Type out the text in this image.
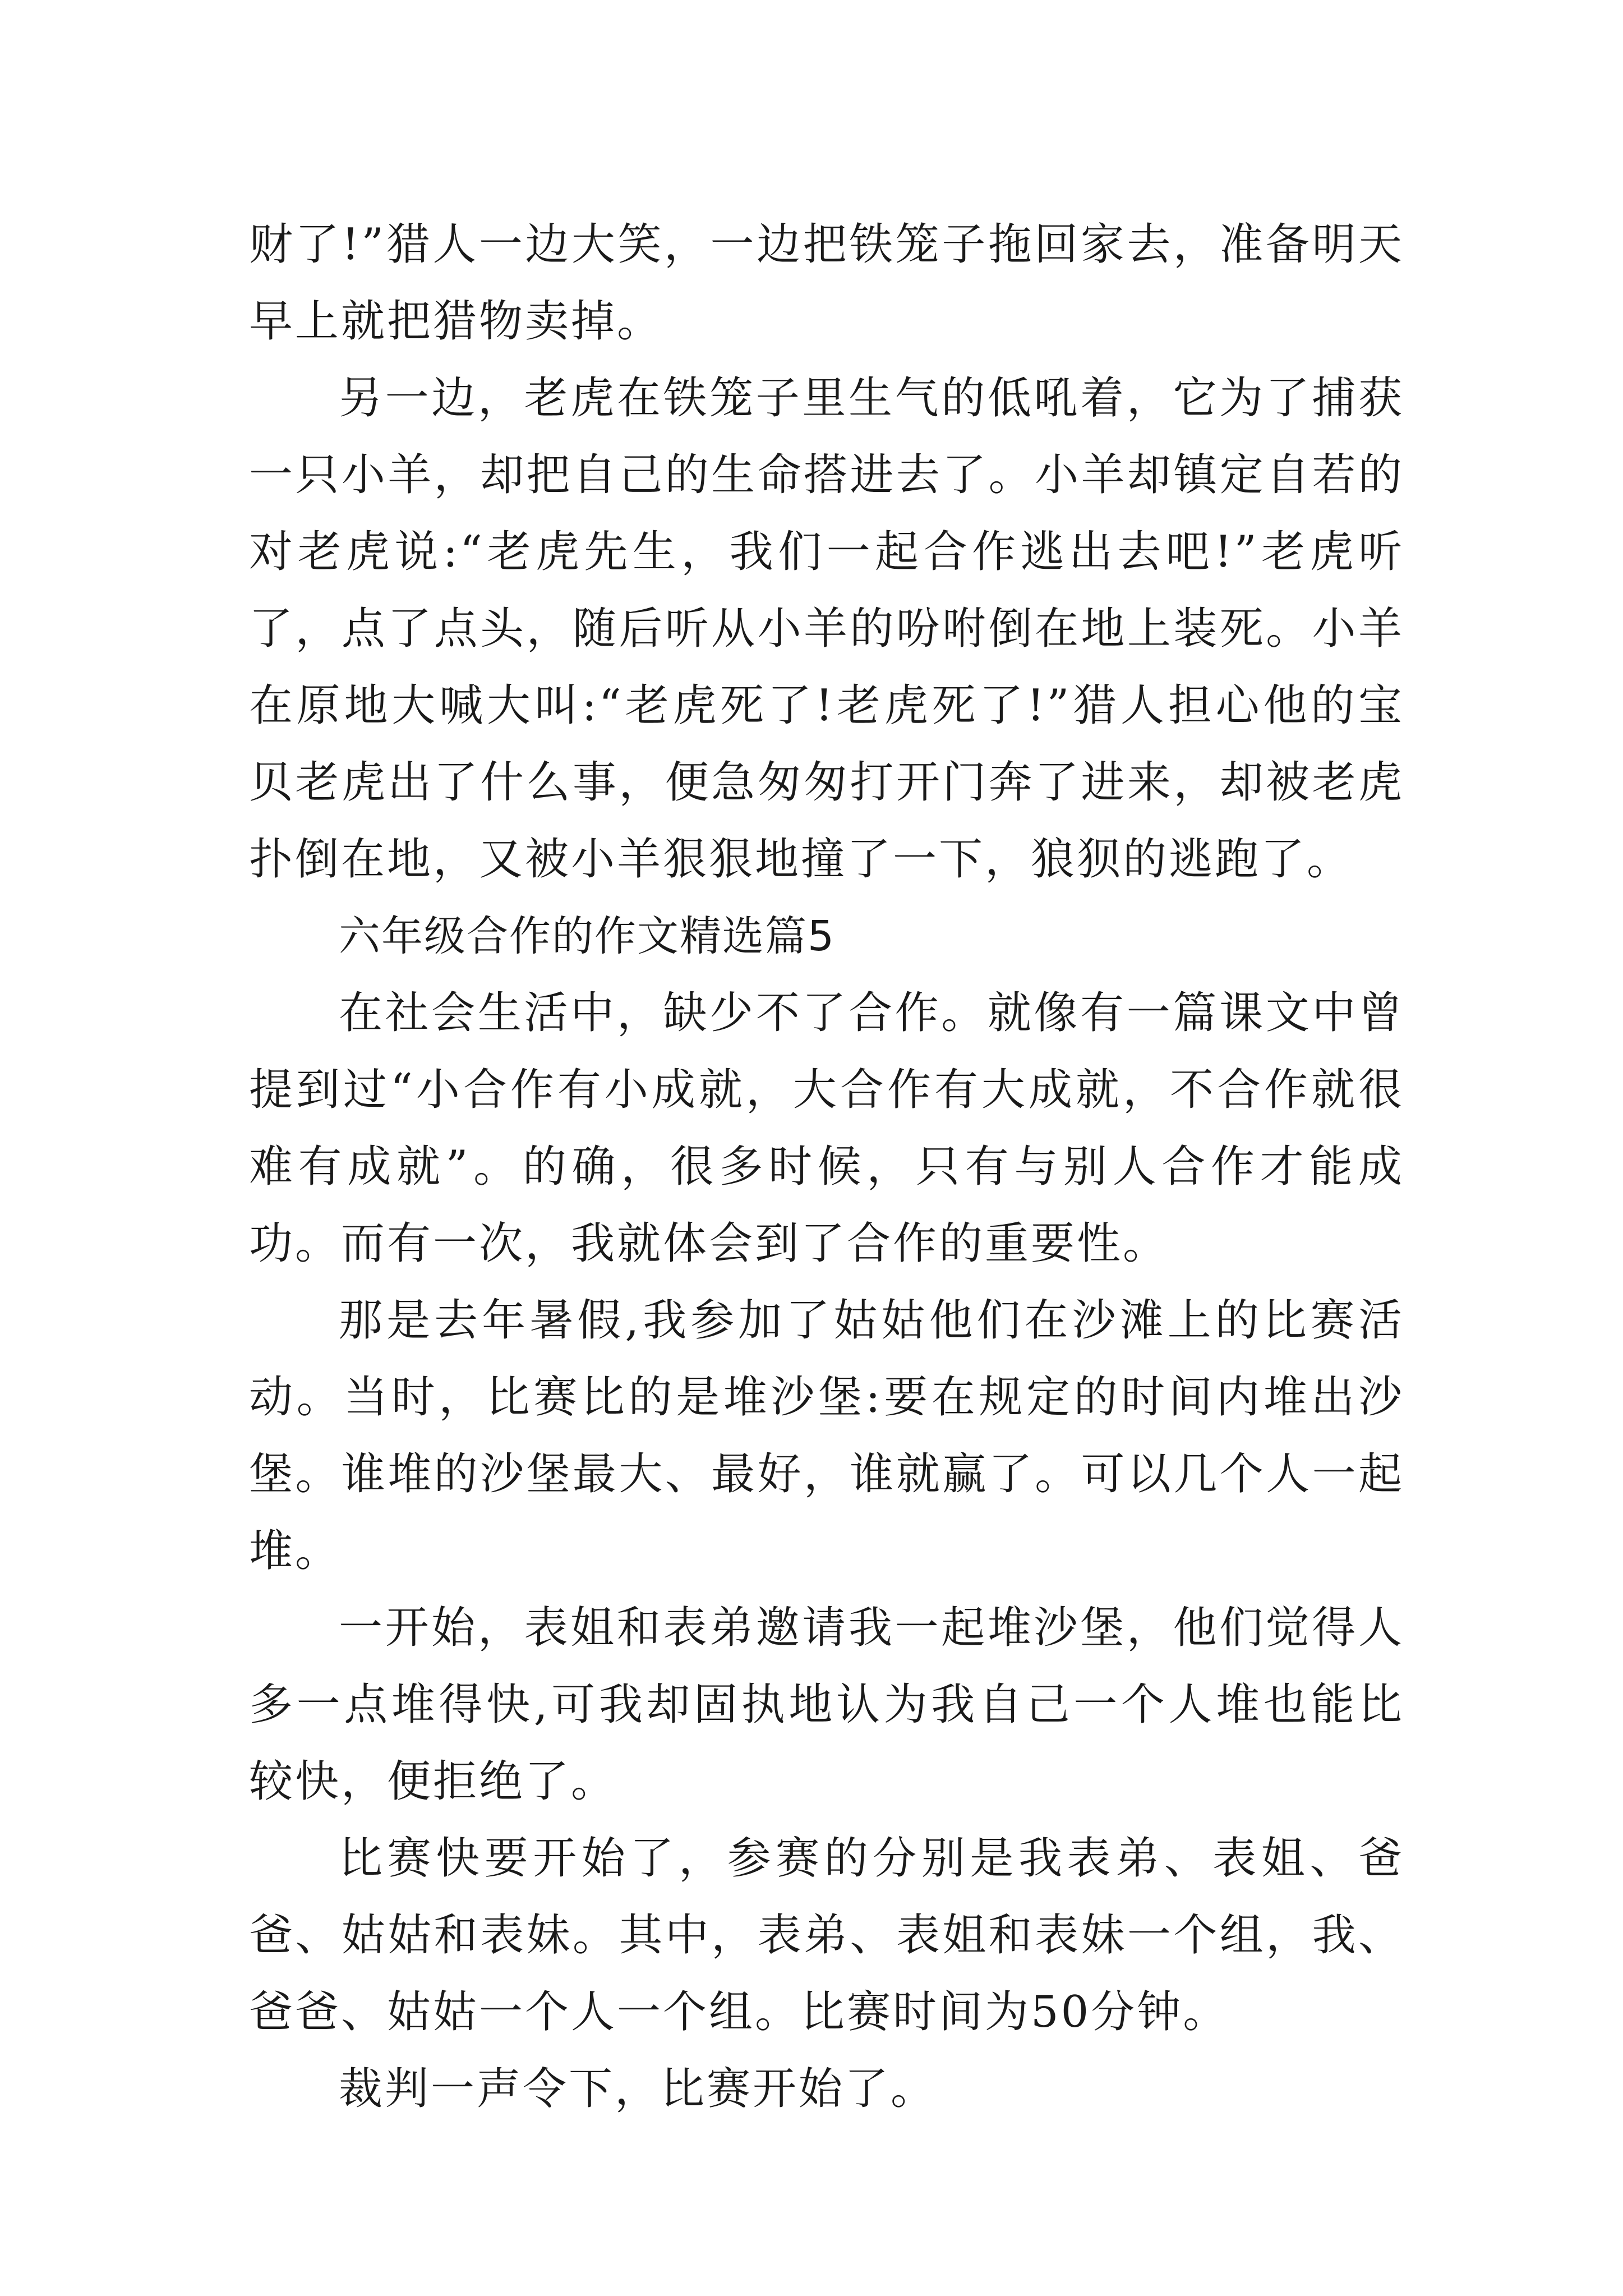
财了!”猎人一边大笑，一边把铁笼子拖回家去，准备明天早上就把猎物卖掉。

另一边，老虎在铁笼子里生气的低吼着，它为了捕获一只小羊，却把自己的生命搭进去了。小羊却镇定自若的对老虎说:“老虎先生，我们一起合作逃出去吧!”老虎听了，点了点头，随后听从小羊的吩咐倒在地上装死。小羊在原地大喊大叫:“老虎死了!老虎死了!”猎人担心他的宝贝老虎出了什么事，便急匆匆打开门奔了进来，却被老虎扑倒在地，又被小羊狠狠地撞了一下，狼狈的逃跑了。

六年级合作的作文精选篇5

在社会生活中，缺少不了合作。就像有一篇课文中曾提到过“小合作有小成就，大合作有大成就，不合作就很难有成就”。的确，很多时候，只有与别人合作才能成功。而有一次，我就体会到了合作的重要性。

那是去年暑假,我参加了姑姑他们在沙滩上的比赛活动。当时，比赛比的是堆沙堡:要在规定的时间内堆出沙堡。谁堆的沙堡最大、最好，谁就赢了。可以几个人一起堆。

一开始，表姐和表弟邀请我一起堆沙堡，他们觉得人多一点堆得快,可我却固执地认为我自己一个人堆也能比较快，便拒绝了。

比赛快要开始了，参赛的分别是我表弟、表姐、爸爸、姑姑和表妹。其中，表弟、表姐和表妹一个组，我、爸爸、姑姑一个人一个组。比赛时间为50分钟。

裁判一声令下，比赛开始了。
